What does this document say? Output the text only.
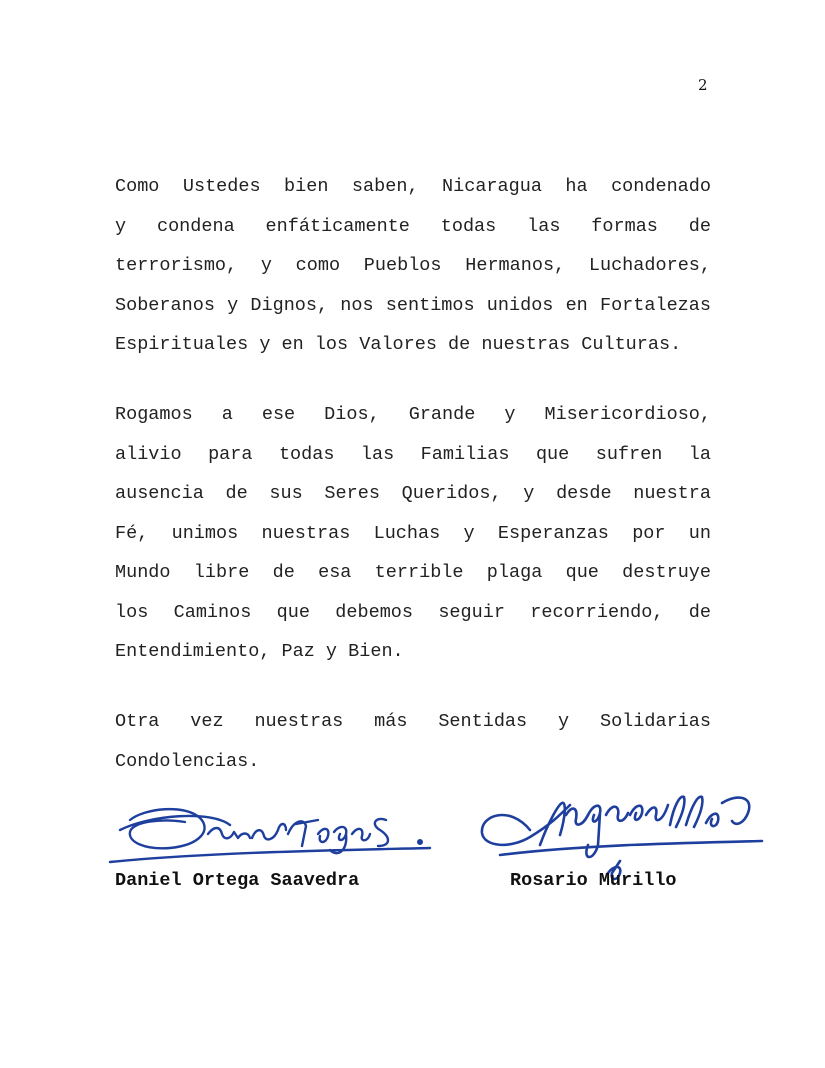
2
Como Ustedes bien saben, Nicaragua ha condenado
y condena enfáticamente todas las formas de
terrorismo, y como Pueblos Hermanos, Luchadores,
Soberanos y Dignos, nos sentimos unidos en Fortalezas
Espirituales y en los Valores de nuestras Culturas.
Rogamos a ese Dios, Grande y Misericordioso,
alivio para todas las Familias que sufren la
ausencia de sus Seres Queridos, y desde nuestra
Fé, unimos nuestras Luchas y Esperanzas por un
Mundo libre de esa terrible plaga que destruye
los Caminos que debemos seguir recorriendo, de
Entendimiento, Paz y Bien.
Otra vez nuestras más Sentidas y Solidarias
Condolencias.
Daniel Ortega Saavedra	Rosario Murillo
